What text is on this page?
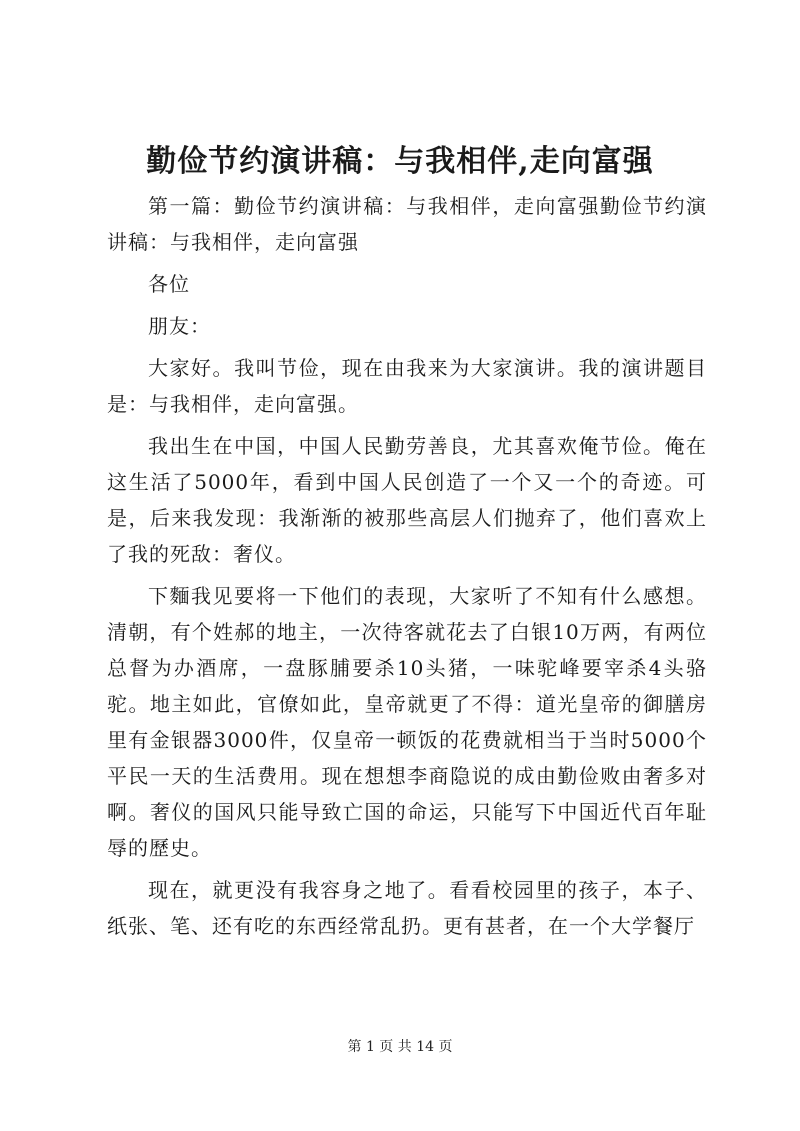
勤俭节约演讲稿：与我相伴,走向富强

第一篇：勤俭节约演讲稿：与我相伴，走向富强勤俭节约演讲稿：与我相伴，走向富强

各位

朋友：

大家好。我叫节俭，现在由我来为大家演讲。我的演讲题目是：与我相伴，走向富强。

我出生在中国，中国人民勤劳善良，尤其喜欢俺节俭。俺在这生活了5000年，看到中国人民创造了一个又一个的奇迹。可是，后来我发现：我渐渐的被那些高层人们抛弃了，他们喜欢上了我的死敌：奢仪。

下麵我见要将一下他们的表现，大家听了不知有什么感想。清朝，有个姓郝的地主，一次待客就花去了白银10万两，有两位总督为办酒席，一盘豚脯要杀10头猪，一味驼峰要宰杀4头骆驼。地主如此，官僚如此，皇帝就更了不得：道光皇帝的御膳房里有金银器3000件，仅皇帝一顿饭的花费就相当于当时5000个平民一天的生活费用。现在想想李商隐说的成由勤俭败由奢多对啊。奢仪的国风只能导致亡国的命运，只能写下中国近代百年耻辱的歷史。

现在，就更没有我容身之地了。看看校园里的孩子，本子、纸张、笔、还有吃的东西经常乱扔。更有甚者，在一个大学餐厅

第 1 页 共 14 页
